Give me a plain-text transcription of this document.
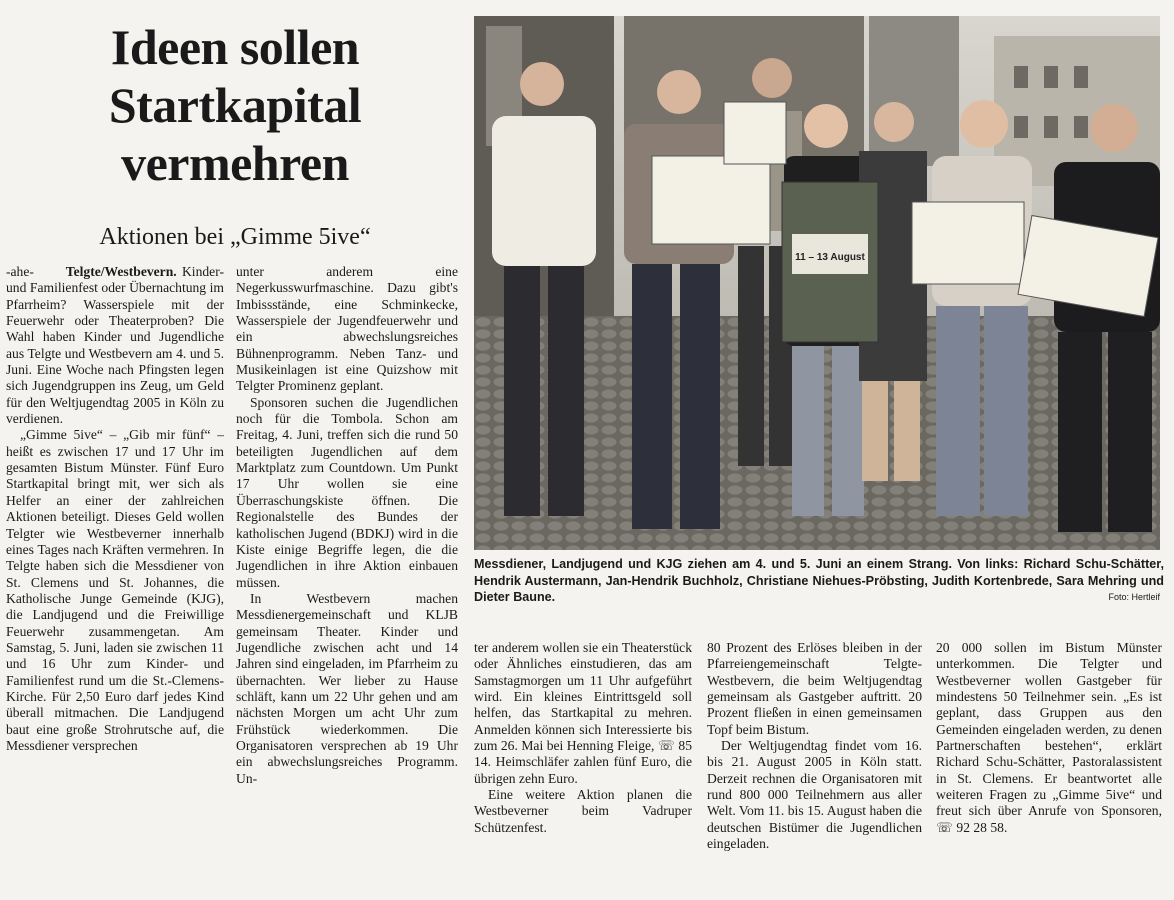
Ideen sollen Startkapital vermehren
Aktionen bei „Gimme 5ive“

-ahe- Telgte/Westbevern. Kinder- und Familienfest oder Übernachtung im Pfarrheim? Wasserspiele mit der Feuerwehr oder Theaterproben? Die Wahl haben Kinder und Jugendliche aus Telgte und Westbevern am 4. und 5. Juni. Eine Woche nach Pfingsten legen sich Jugendgruppen ins Zeug, um Geld für den Weltjugendtag 2005 in Köln zu verdienen.

„Gimme 5ive“ – „Gib mir fünf“ – heißt es zwischen 17 und 17 Uhr im gesamten Bistum Münster. Fünf Euro Startkapital bringt mit, wer sich als Helfer an einer der zahlreichen Aktionen beteiligt. Dieses Geld wollen Telgter wie Westbeverner innerhalb eines Tages nach Kräften vermehren. In Telgte haben sich die Messdiener von St. Clemens und St. Johannes, die Katholische Junge Gemeinde (KJG), die Landjugend und die Freiwillige Feuerwehr zusammengetan. Am Samstag, 5. Juni, laden sie zwischen 11 und 16 Uhr zum Kinder- und Familienfest rund um die St.-Clemens-Kirche. Für 2,50 Euro darf jedes Kind überall mitmachen. Die Landjugend baut eine große Strohrutsche auf, die Messdiener versprechen

unter anderem eine Negerkusswurfmaschine. Dazu gibt's Imbissstände, eine Schminkecke, Wasserspiele der Jugendfeuerwehr und ein abwechslungsreiches Bühnenprogramm. Neben Tanz- und Musikeinlagen ist eine Quizshow mit Telgter Prominenz geplant.

Sponsoren suchen die Jugendlichen noch für die Tombola. Schon am Freitag, 4. Juni, treffen sich die rund 50 beteiligten Jugendlichen auf dem Marktplatz zum Countdown. Um Punkt 17 Uhr wollen sie eine Überraschungskiste öffnen. Die Regionalstelle des Bundes der katholischen Jugend (BDKJ) wird in die Kiste einige Begriffe legen, die die Jugendlichen in ihre Aktion einbauen müssen.

In Westbevern machen Messdienergemeinschaft und KLJB gemeinsam Theater. Kinder und Jugendliche zwischen acht und 14 Jahren sind eingeladen, im Pfarrheim zu übernachten. Wer lieber zu Hause schläft, kann um 22 Uhr gehen und am nächsten Morgen um acht Uhr zum Frühstück wiederkommen. Die Organisatoren versprechen ab 19 Uhr ein abwechslungsreiches Programm. Un-

11 – 13 August
Messdiener, Landjugend und KJG ziehen am 4. und 5. Juni an einem Strang. Von links: Richard Schu-Schätter, Hendrik Austermann, Jan-Hendrik Buchholz, Christiane Niehues-Pröbsting, Judith Kortenbrede, Sara Mehring und Dieter Baune.	Foto: Hertleif

ter anderem wollen sie ein Theaterstück oder Ähnliches einstudieren, das am Samstagmorgen um 11 Uhr aufgeführt wird. Ein kleines Eintrittsgeld soll helfen, das Startkapital zu mehren. Anmelden können sich Interessierte bis zum 26. Mai bei Henning Fleige, ☏ 85 14. Heimschläfer zahlen fünf Euro, die übrigen zehn Euro.

Eine weitere Aktion planen die Westbeverner beim Vadruper Schützenfest.

80 Prozent des Erlöses bleiben in der Pfarreiengemeinschaft Telgte-Westbevern, die beim Weltjugendtag gemeinsam als Gastgeber auftritt. 20 Prozent fließen in einen gemeinsamen Topf beim Bistum.

Der Weltjugendtag findet vom 16. bis 21. August 2005 in Köln statt. Derzeit rechnen die Organisatoren mit rund 800 000 Teilnehmern aus aller Welt. Vom 11. bis 15. August haben die deutschen Bistümer die Jugendlichen eingeladen.

20 000 sollen im Bistum Münster unterkommen. Die Telgter und Westbeverner wollen Gastgeber für mindestens 50 Teilnehmer sein. „Es ist geplant, dass Gruppen aus den Gemeinden eingeladen werden, zu denen Partnerschaften bestehen“, erklärt Richard Schu-Schätter, Pastoralassistent in St. Clemens. Er beantwortet alle weiteren Fragen zu „Gimme 5ive“ und freut sich über Anrufe von Sponsoren, ☏ 92 28 58.
